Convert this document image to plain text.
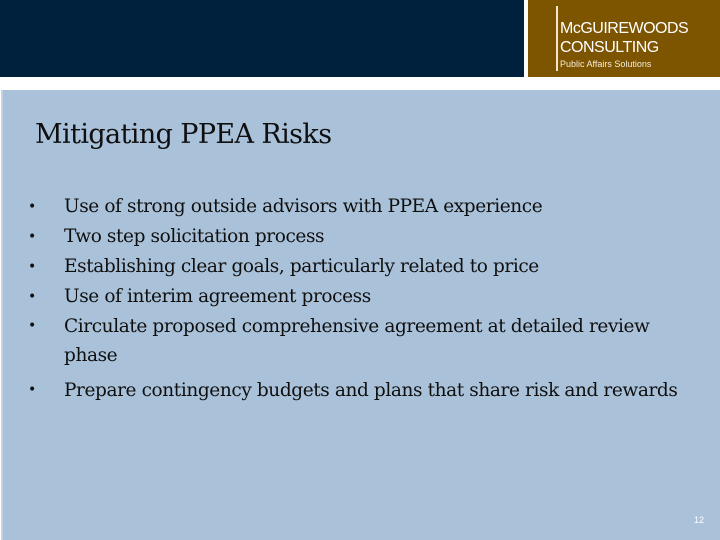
McGUIREWOODS
CONSULTING
Public Affairs Solutions
Mitigating PPEA Risks
• Use of strong outside advisors with PPEA experience
• Two step solicitation process
• Establishing clear goals, particularly related to price
• Use of interim agreement process
• Circulate proposed comprehensive agreement at detailed review phase
• Prepare contingency budgets and plans that share risk and rewards
12
